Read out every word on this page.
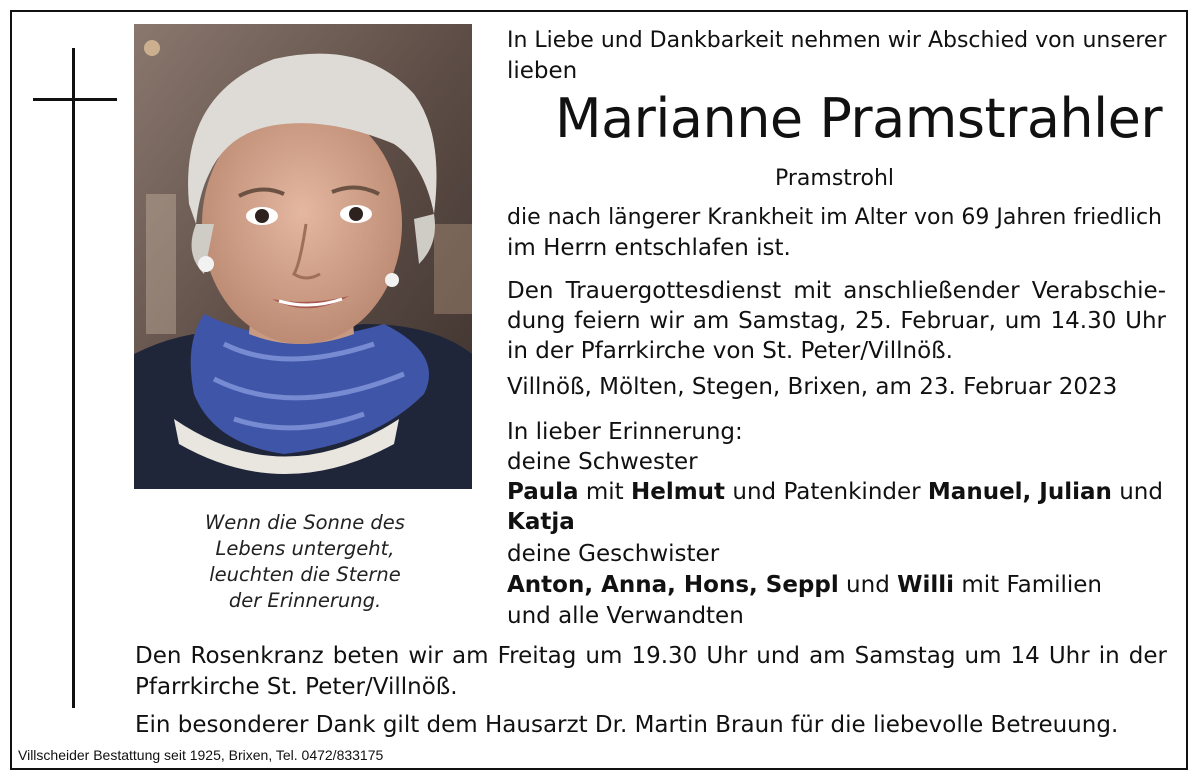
Wenn die Sonne des
Lebens untergeht,
leuchten die Sterne
der Erinnerung.
In Liebe und Dankbarkeit nehmen wir Abschied von unserer
lieben
Marianne Pramstrahler
Pramstrohl
die nach längerer Krankheit im Alter von 69 Jahren friedlich
im Herrn entschlafen ist.
Den Trauergottesdienst mit anschließender Verabschie-
dung feiern wir am Samstag, 25. Februar, um 14.30 Uhr
in der Pfarrkirche von St. Peter/Villnöß.
Villnöß, Mölten, Stegen, Brixen, am 23. Februar 2023
In lieber Erinnerung:
deine Schwester
Paula mit Helmut und Patenkinder Manuel, Julian und
Katja
deine Geschwister
Anton, Anna, Hons, Seppl und Willi mit Familien
und alle Verwandten
Den Rosenkranz beten wir am Freitag um 19.30 Uhr und am Samstag um 14 Uhr in der
Pfarrkirche St. Peter/Villnöß.
Ein besonderer Dank gilt dem Hausarzt Dr. Martin Braun für die liebevolle Betreuung.
Villscheider Bestattung seit 1925, Brixen, Tel. 0472/833175
